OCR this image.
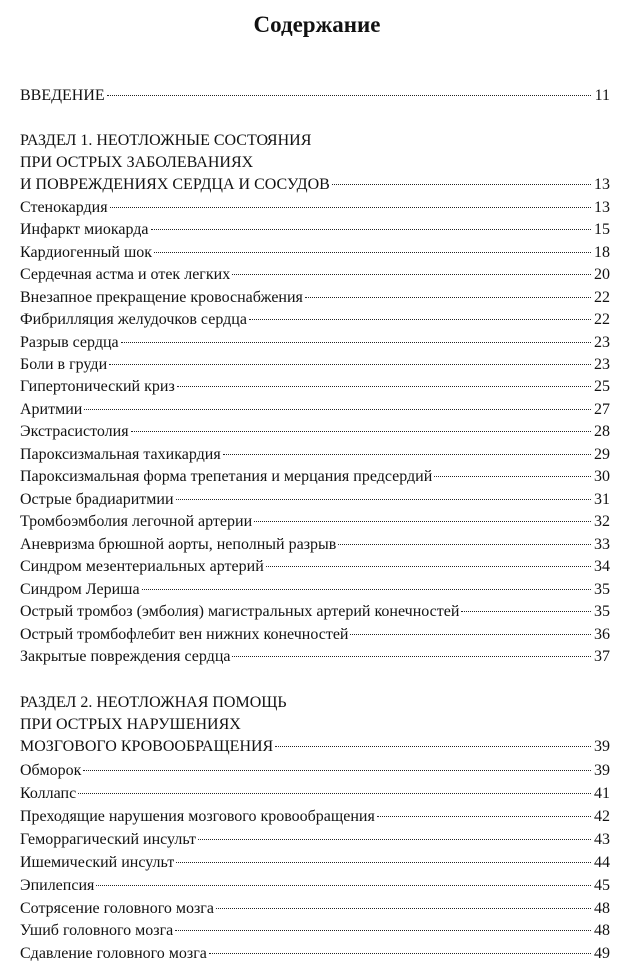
Содержание
ВВЕДЕНИЕ	11
РАЗДЕЛ 1. НЕОТЛОЖНЫЕ СОСТОЯНИЯ
ПРИ ОСТРЫХ ЗАБОЛЕВАНИЯХ
И ПОВРЕЖДЕНИЯХ СЕРДЦА И СОСУДОВ	13
Стенокардия	13
Инфаркт миокарда	15
Кардиогенный шок	18
Сердечная астма и отек легких	20
Внезапное прекращение кровоснабжения	22
Фибрилляция желудочков сердца	22
Разрыв сердца	23
Боли в груди	23
Гипертонический криз	25
Аритмии	27
Экстрасистолия	28
Пароксизмальная тахикардия	29
Пароксизмальная форма трепетания и мерцания предсердий	30
Острые брадиаритмии	31
Тромбоэмболия легочной артерии	32
Аневризма брюшной аорты, неполный разрыв	33
Синдром мезентериальных артерий	34
Синдром Лериша	35
Острый тромбоз (эмболия) магистральных артерий конечностей	35
Острый тромбофлебит вен нижних конечностей	36
Закрытые повреждения сердца	37
РАЗДЕЛ 2. НЕОТЛОЖНАЯ ПОМОЩЬ
ПРИ ОСТРЫХ НАРУШЕНИЯХ
МОЗГОВОГО КРОВООБРАЩЕНИЯ	39
Обморок	39
Коллапс	41
Преходящие нарушения мозгового кровообращения	42
Геморрагический инсульт	43
Ишемический инсульт	44
Эпилепсия	45
Сотрясение головного мозга	48
Ушиб головного мозга	48
Сдавление головного мозга	49
